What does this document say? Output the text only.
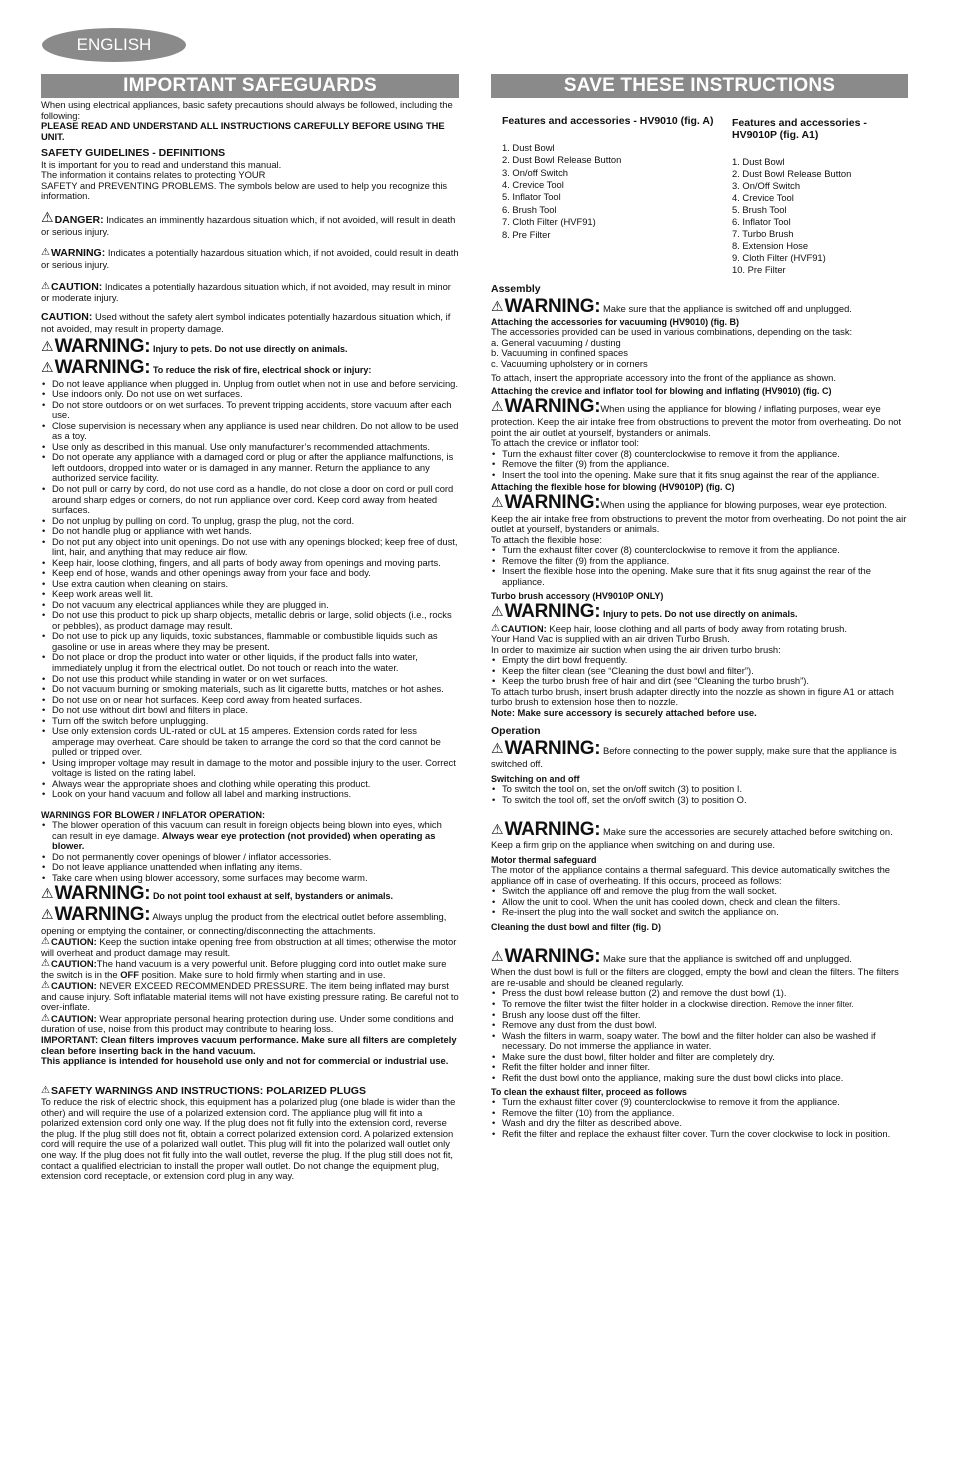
ENGLISH
IMPORTANT SAFEGUARDS	SAVE THESE INSTRUCTIONS

When using electrical appliances, basic safety precautions should always be followed, including the following:

PLEASE READ AND UNDERSTAND ALL INSTRUCTIONS CAREFULLY BEFORE USING THE UNIT.

SAFETY GUIDELINES - DEFINITIONS

It is important for you to read and understand this manual.

The information it contains relates to protecting YOUR

SAFETY and PREVENTING PROBLEMS. The symbols below are used to help you recognize this information.

⚠DANGER: Indicates an imminently hazardous situation which, if not avoided, will result in death or serious injury.

⚠WARNING: Indicates a potentially hazardous situation which, if not avoided, could result in death or serious injury.

⚠CAUTION: Indicates a potentially hazardous situation which, if not avoided, may result in minor or moderate injury.

CAUTION: Used without the safety alert symbol indicates potentially hazardous situation which, if not avoided, may result in property damage.

⚠WARNING: Injury to pets. Do not use directly on animals.

⚠WARNING: To reduce the risk of fire, electrical shock or injury:

• Do not leave appliance when plugged in. Unplug from outlet when not in use and before servicing.
• Use indoors only. Do not use on wet surfaces.
• Do not store outdoors or on wet surfaces. To prevent tripping accidents, store vacuum after each use.
• Close supervision is necessary when any appliance is used near children. Do not allow to be used as a toy.
• Use only as described in this manual. Use only manufacturer’s recommended attachments.
• Do not operate any appliance with a damaged cord or plug or after the appliance malfunctions, is left outdoors, dropped into water or is damaged in any manner. Return the appliance to any authorized service facility.
• Do not pull or carry by cord, do not use cord as a handle, do not close a door on cord or pull cord around sharp edges or corners, do not run appliance over cord. Keep cord away from heated surfaces.
• Do not unplug by pulling on cord. To unplug, grasp the plug, not the cord.
• Do not handle plug or appliance with wet hands.
• Do not put any object into unit openings. Do not use with any openings blocked; keep free of dust, lint, hair, and anything that may reduce air flow.
• Keep hair, loose clothing, fingers, and all parts of body away from openings and moving parts.
• Keep end of hose, wands and other openings away from your face and body.
• Use extra caution when cleaning on stairs.
• Keep work areas well lit.
• Do not vacuum any electrical appliances while they are plugged in.
• Do not use this product to pick up sharp objects, metallic debris or large, solid objects (i.e., rocks or pebbles), as product damage may result.
• Do not use to pick up any liquids, toxic substances, flammable or combustible liquids such as gasoline or use in areas where they may be present.
• Do not place or drop the product into water or other liquids, if the product falls into water, immediately unplug it from the electrical outlet. Do not touch or reach into the water.
• Do not use this product while standing in water or on wet surfaces.
• Do not vacuum burning or smoking materials, such as lit cigarette butts, matches or hot ashes.
• Do not use on or near hot surfaces. Keep cord away from heated surfaces.
• Do not use without dirt bowl and filters in place.
• Turn off the switch before unplugging.
• Use only extension cords UL-rated or cUL at 15 amperes. Extension cords rated for less amperage may overheat. Care should be taken to arrange the cord so that the cord cannot be pulled or tripped over.
• Using improper voltage may result in damage to the motor and possible injury to the user. Correct voltage is listed on the rating label.
• Always wear the appropriate shoes and clothing while operating this product.
• Look on your hand vacuum and follow all label and marking instructions.

WARNINGS FOR BLOWER / INFLATOR OPERATION:

• The blower operation of this vacuum can result in foreign objects being blown into eyes, which can result in eye damage. Always wear eye protection (not provided) when operating as blower.
• Do not permanently cover openings of blower / inflator accessories.
• Do not leave appliance unattended when inflating any items.
• Take care when using blower accessory, some surfaces may become warm.

⚠WARNING: Do not point tool exhaust at self, bystanders or animals.

⚠WARNING: Always unplug the product from the electrical outlet before assembling, opening or emptying the container, or connecting/disconnecting the attachments.

⚠CAUTION: Keep the suction intake opening free from obstruction at all times; otherwise the motor will overheat and product damage may result.

⚠CAUTION:The hand vacuum is a very powerful unit. Before plugging cord into outlet make sure the switch is in the OFF position. Make sure to hold firmly when starting and in use.

⚠CAUTION: NEVER EXCEED RECOMMENDED PRESSURE. The item being inflated may burst and cause injury. Soft inflatable material items will not have existing pressure rating. Be careful not to over-inflate.

⚠CAUTION: Wear appropriate personal hearing protection during use. Under some conditions and duration of use, noise from this product may contribute to hearing loss.

IMPORTANT: Clean filters improves vacuum performance. Make sure all filters are completely clean before inserting back in the hand vacuum.

This appliance is intended for household use only and not for commercial or industrial use.

⚠SAFETY WARNINGS AND INSTRUCTIONS: POLARIZED PLUGS

To reduce the risk of electric shock, this equipment has a polarized plug (one blade is wider than the other) and will require the use of a polarized extension cord. The appliance plug will fit into a polarized extension cord only one way. If the plug does not fit fully into the extension cord, reverse the plug. If the plug still does not fit, obtain a correct polarized extension cord. A polarized extension cord will require the use of a polarized wall outlet. This plug will fit into the polarized wall outlet only one way. If the plug does not fit fully into the wall outlet, reverse the plug. If the plug still does not fit, contact a qualified electrician to install the proper wall outlet. Do not change the equipment plug, extension cord receptacle, or extension cord plug in any way.

Features and accessories - HV9010 (fig. A)

1. Dust Bowl

2. Dust Bowl Release Button

3. On/off Switch

4. Crevice Tool

5. Inflator Tool

6. Brush Tool

7. Cloth Filter (HVF91)

8. Pre Filter

Features and accessories - HV9010P (fig. A1)

1. Dust Bowl

2. Dust Bowl Release Button

3. On/Off Switch

4. Crevice Tool

5. Brush Tool

6. Inflator Tool

7. Turbo Brush

8. Extension Hose

9. Cloth Filter (HVF91)

10. Pre Filter

Assembly

⚠WARNING: Make sure that the appliance is switched off and unplugged.

Attaching the accessories for vacuuming (HV9010) (fig. B)

The accessories provided can be used in various combinations, depending on the task:

a. General vacuuming / dusting

b. Vacuuming in confined spaces

c. Vacuuming upholstery or in corners

To attach, insert the appropriate accessory into the front of the appliance as shown.

Attaching the crevice and inflator tool for blowing and inflating (HV9010) (fig. C)

⚠WARNING:When using the appliance for blowing / inflating purposes, wear eye protection. Keep the air intake free from obstructions to prevent the motor from overheating. Do not point the air outlet at yourself, bystanders or animals.

To attach the crevice or inflator tool:

• Turn the exhaust filter cover (8) counterclockwise to remove it from the appliance.
• Remove the filter (9) from the appliance.
• Insert the tool into the opening. Make sure that it fits snug against the rear of the appliance.

Attaching the flexible hose for blowing (HV9010P) (fig. C)

⚠WARNING:When using the appliance for blowing purposes, wear eye protection. Keep the air intake free from obstructions to prevent the motor from overheating. Do not point the air outlet at yourself, bystanders or animals.

To attach the flexible hose:

• Turn the exhaust filter cover (8) counterclockwise to remove it from the appliance.
• Remove the filter (9) from the appliance.
• Insert the flexible hose into the opening. Make sure that it fits snug against the rear of the appliance.

Turbo brush accessory (HV9010P ONLY)

⚠WARNING: Injury to pets. Do not use directly on animals.

⚠CAUTION: Keep hair, loose clothing and all parts of body away from rotating brush.

Your Hand Vac is supplied with an air driven Turbo Brush.

In order to maximize air suction when using the air driven turbo brush:

• Empty the dirt bowl frequently.
• Keep the filter clean (see “Cleaning the dust bowl and filter”).
• Keep the turbo brush free of hair and dirt (see “Cleaning the turbo brush”).

To attach turbo brush, insert brush adapter directly into the nozzle as shown in figure A1 or attach turbo brush to extension hose then to nozzle.

Note: Make sure accessory is securely attached before use.

Operation

⚠WARNING: Before connecting to the power supply, make sure that the appliance is switched off.

Switching on and off

• To switch the tool on, set the on/off switch (3) to position I.
• To switch the tool off, set the on/off switch (3) to position O.

⚠WARNING: Make sure the accessories are securely attached before switching on. Keep a firm grip on the appliance when switching on and during use.

Motor thermal safeguard

The motor of the appliance contains a thermal safeguard. This device automatically switches the appliance off in case of overheating. If this occurs, proceed as follows:

• Switch the appliance off and remove the plug from the wall socket.
• Allow the unit to cool. When the unit has cooled down, check and clean the filters.
• Re-insert the plug into the wall socket and switch the appliance on.

Cleaning the dust bowl and filter (fig. D)

⚠WARNING: Make sure that the appliance is switched off and unplugged.

When the dust bowl is full or the filters are clogged, empty the bowl and clean the filters. The filters are re-usable and should be cleaned regularly.

• Press the dust bowl release button (2) and remove the dust bowl (1).
• To remove the filter twist the filter holder in a clockwise direction. Remove the inner filter.
• Brush any loose dust off the filter.
• Remove any dust from the dust bowl.
• Wash the filters in warm, soapy water. The bowl and the filter holder can also be washed if necessary. Do not immerse the appliance in water.
• Make sure the dust bowl, filter holder and filter are completely dry.
• Refit the filter holder and inner filter.
• Refit the dust bowl onto the appliance, making sure the dust bowl clicks into place.

To clean the exhaust filter, proceed as follows

• Turn the exhaust filter cover (9) counterclockwise to remove it from the appliance.
• Remove the filter (10) from the appliance.
• Wash and dry the filter as described above.
• Refit the filter and replace the exhaust filter cover. Turn the cover clockwise to lock in position.
